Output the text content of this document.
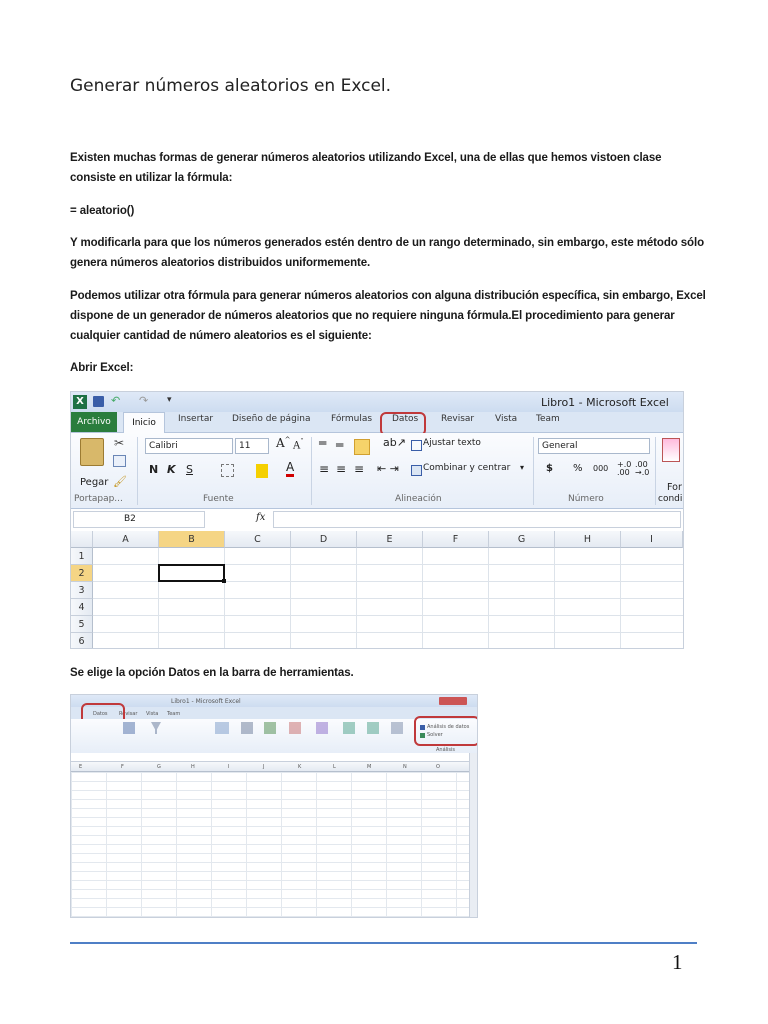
Generar números aleatorios en Excel.
Existen muchas formas de generar números aleatorios utilizando Excel, una de ellas que hemos vistoen clase consiste en utilizar la fórmula:
= aleatorio()
Y modificarla para que los números generados estén dentro de un rango determinado, sin embargo, este método sólo genera números aleatorios distribuidos uniformemente.
Podemos utilizar otra fórmula para generar números aleatorios con alguna distribución específica, sin embargo, Excel dispone de un generador de números aleatorios que no requiere ninguna fórmula.El procedimiento para generar cualquier cantidad de número aleatorios es el siguiente:
Abrir Excel:
X ↶ ↷ ▾	Libro1 - Microsoft Excel
Archivo	Inicio	Insertar Diseño de página Fórmulas Datos	Revisar Vista Team
Pegar
✂
🖌
Calibri	11	A^
$A^ˇ$
N K S	A
═ ═	ab↗
≡ ≡ ≡ ⇤ ⇥
Ajustar texto
Combinar y centrar ▾
General
$ % 000 +.0
.00
.00
→.0
For
condi
Portapap...	Fuente	Alineación	Número
B2	fx
A	B	C	D	E	F	G	H	I
1
2
3
4
5
6
Se elige la opción Datos en la barra de herramientas.
Libro1 - Microsoft Excel
Datos Revisar Vista Team
Análisis de datos
Solver
Análisis
E	F	G	H	I	J	K	L	M	N	O
1
